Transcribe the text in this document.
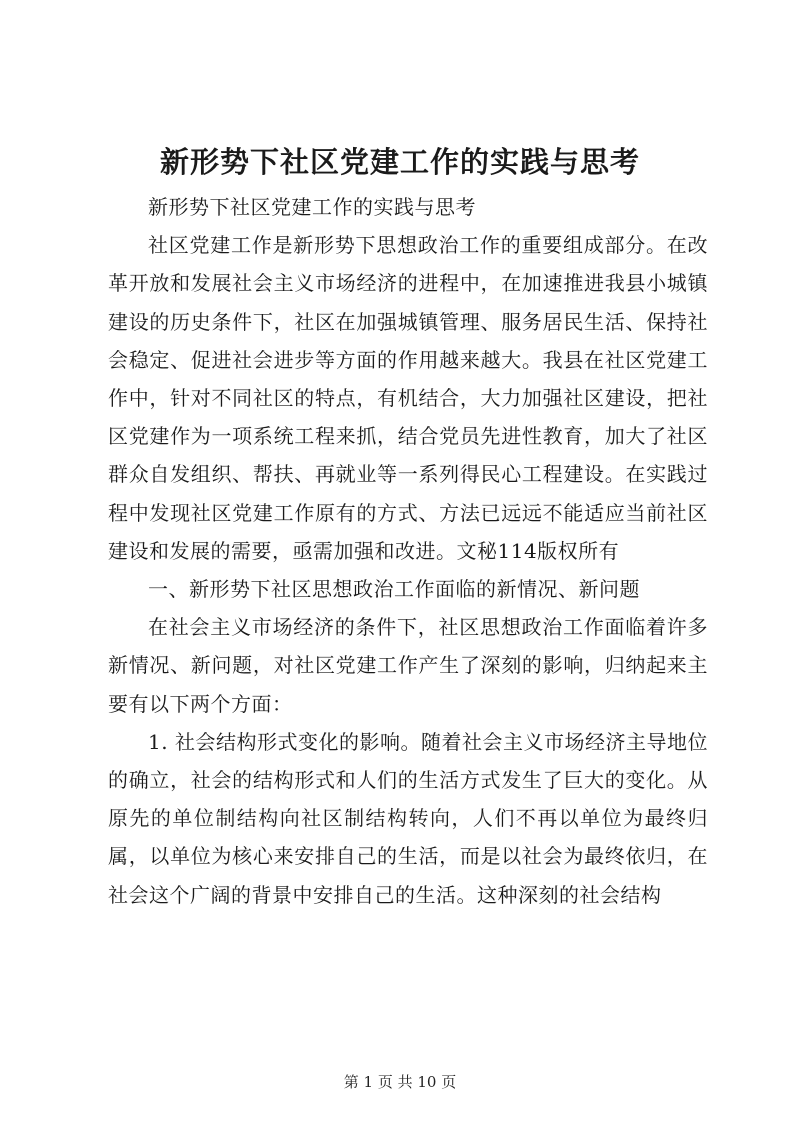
新形势下社区党建工作的实践与思考

新形势下社区党建工作的实践与思考

社区党建工作是新形势下思想政治工作的重要组成部分。在改革开放和发展社会主义市场经济的进程中，在加速推进我县小城镇建设的历史条件下，社区在加强城镇管理、服务居民生活、保持社会稳定、促进社会进步等方面的作用越来越大。我县在社区党建工作中，针对不同社区的特点，有机结合，大力加强社区建设，把社区党建作为一项系统工程来抓，结合党员先进性教育，加大了社区群众自发组织、帮扶、再就业等一系列得民心工程建设。在实践过程中发现社区党建工作原有的方式、方法已远远不能适应当前社区建设和发展的需要，亟需加强和改进。文秘114版权所有

一、新形势下社区思想政治工作面临的新情况、新问题

在社会主义市场经济的条件下，社区思想政治工作面临着许多新情况、新问题，对社区党建工作产生了深刻的影响，归纳起来主要有以下两个方面：

1. 社会结构形式变化的影响。随着社会主义市场经济主导地位的确立，社会的结构形式和人们的生活方式发生了巨大的变化。从原先的单位制结构向社区制结构转向，人们不再以单位为最终归属，以单位为核心来安排自己的生活，而是以社会为最终依归，在社会这个广阔的背景中安排自己的生活。这种深刻的社会结构

第 1 页 共 10 页
